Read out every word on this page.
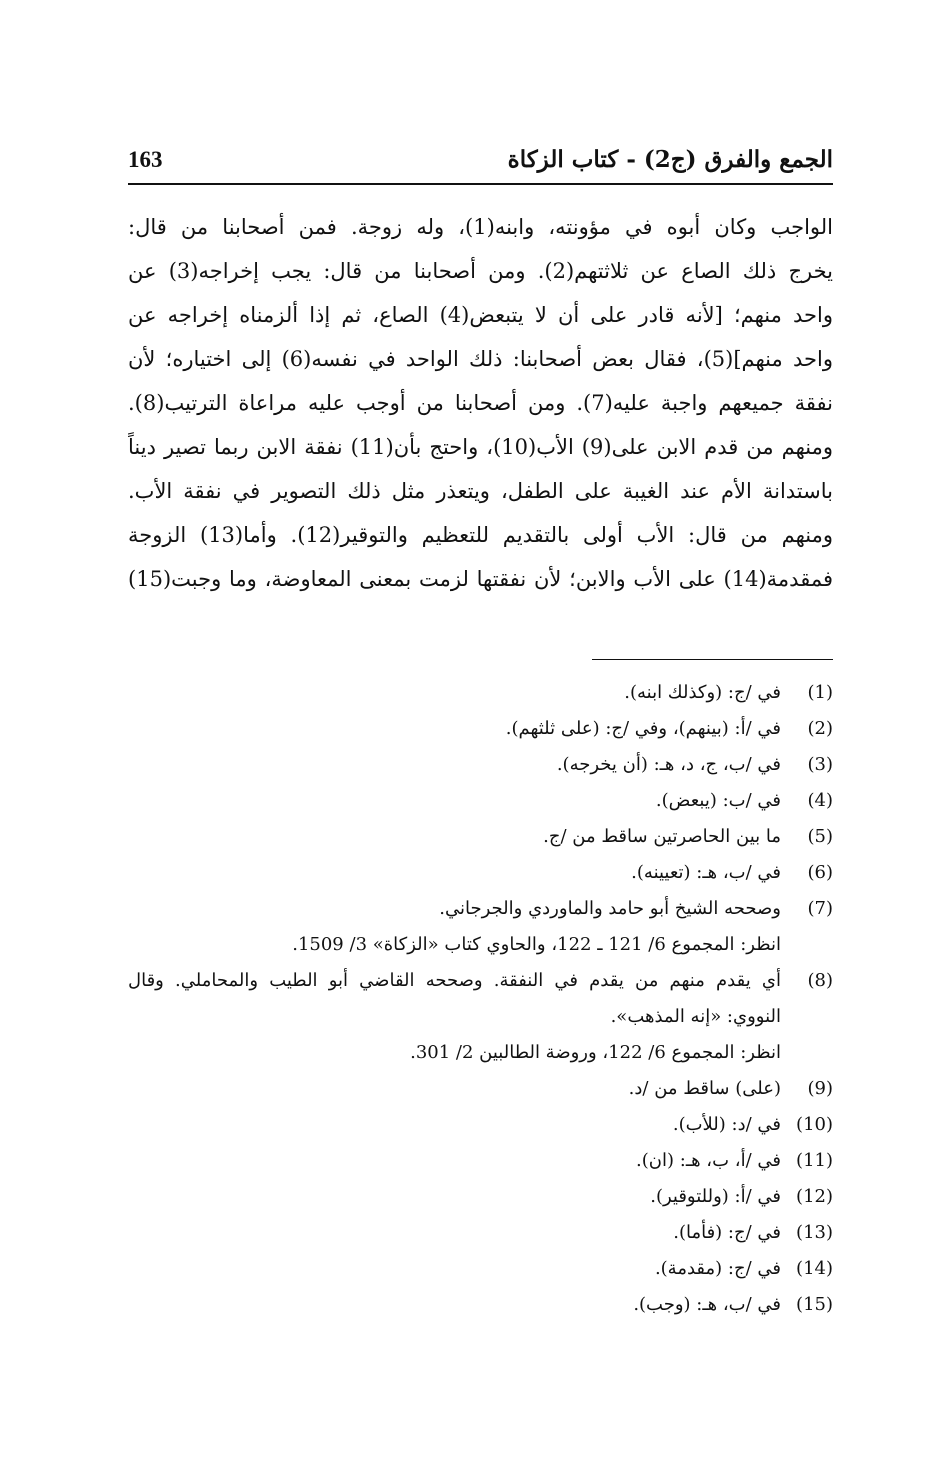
الجمع والفرق (ج2) - كتاب الزكاة
163
الواجب وكان أبوه في مؤونته، وابنه(1)، وله زوجة. فمن أصحابنا من قال:
يخرج ذلك الصاع عن ثلاثتهم(2). ومن أصحابنا من قال: يجب إخراجه(3) عن
واحد منهم؛ [لأنه قادر على أن لا يتبعض(4) الصاع، ثم إذا ألزمناه إخراجه عن
واحد منهم](5)، فقال بعض أصحابنا: ذلك الواحد في نفسه(6) إلى اختياره؛ لأن
نفقة جميعهم واجبة عليه(7). ومن أصحابنا من أوجب عليه مراعاة الترتيب(8).
ومنهم من قدم الابن على(9) الأب(10)، واحتج بأن(11) نفقة الابن ربما تصير ديناً
باستدانة الأم عند الغيبة على الطفل، ويتعذر مثل ذلك التصوير في نفقة الأب.
ومنهم من قال: الأب أولى بالتقديم للتعظيم والتوقير(12). وأما(13) الزوجة
فمقدمة(14) على الأب والابن؛ لأن نفقتها لزمت بمعنى المعاوضة، وما وجبت(15)
(1)
في /ج: (وكذلك ابنه).
(2)
في /أ: (بينهم)، وفي /ج: (على ثلثهم).
(3)
في /ب، ج، د، هـ: (أن يخرجه).
(4)
في /ب: (يبعض).
(5)
ما بين الحاصرتين ساقط من /ج.
(6)
في /ب، هـ: (تعيينه).
(7)
وصححه الشيخ أبو حامد والماوردي والجرجاني.
انظر: المجموع 6/ 121 ـ 122، والحاوي كتاب «الزكاة» 3/ 1509.
(8)
أي يقدم منهم من يقدم في النفقة. وصححه القاضي أبو الطيب والمحاملي. وقال
النووي: «إنه المذهب».
انظر: المجموع 6/ 122، وروضة الطالبين 2/ 301.
(9)
(على) ساقط من /د.
(10)
في /د: (للأب).
(11)
في /أ، ب، هـ: (ان).
(12)
في /أ: (وللتوقير).
(13)
في /ج: (فأما).
(14)
في /ج: (مقدمة).
(15)
في /ب، هـ: (وجب).
